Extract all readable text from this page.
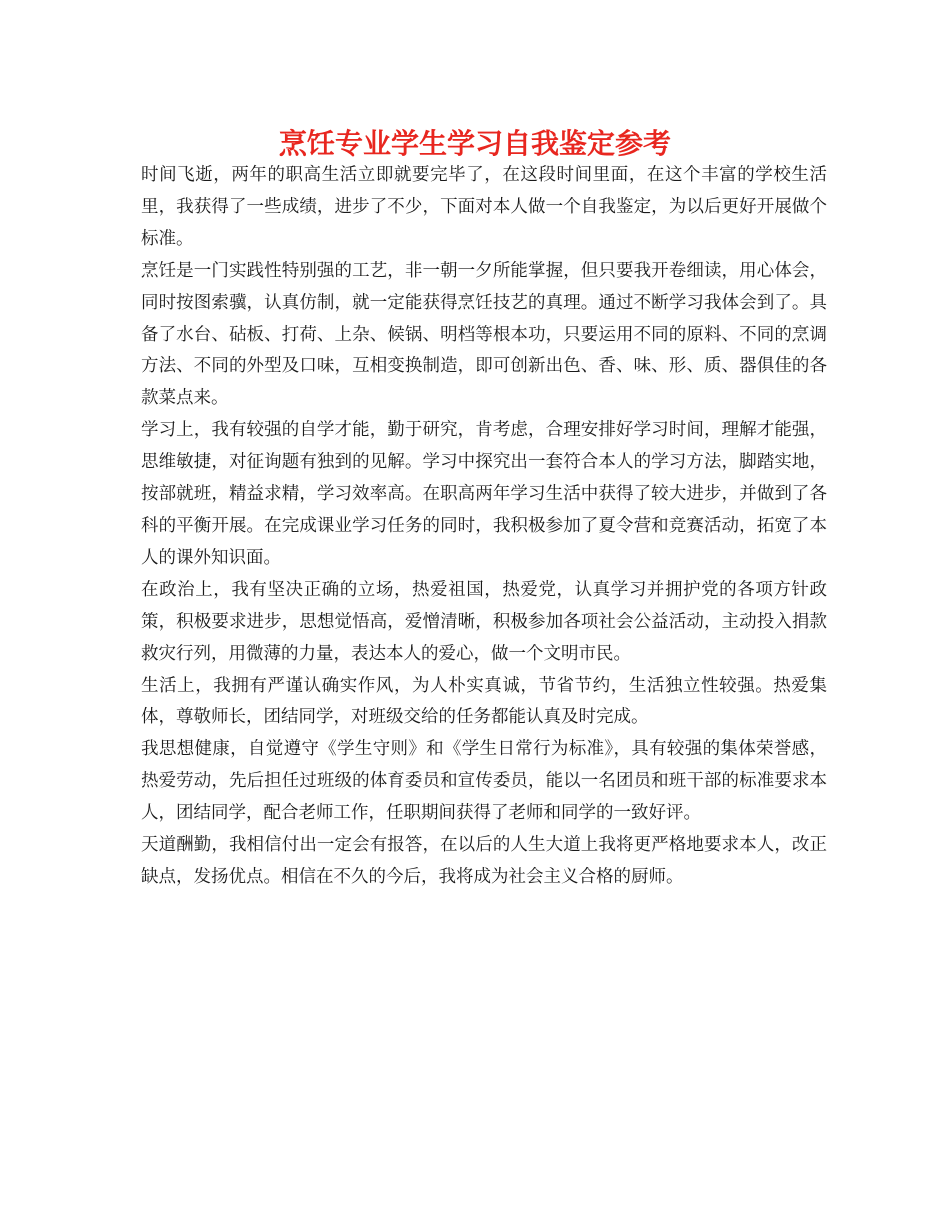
烹饪专业学生学习自我鉴定参考

时间飞逝，两年的职高生活立即就要完毕了，在这段时间里面，在这个丰富的学校生活里，我获得了一些成绩，进步了不少，下面对本人做一个自我鉴定，为以后更好开展做个标准。

烹饪是一门实践性特别强的工艺，非一朝一夕所能掌握，但只要我开卷细读，用心体会，同时按图索骥，认真仿制，就一定能获得烹饪技艺的真理。通过不断学习我体会到了。具备了水台、砧板、打荷、上杂、候锅、明档等根本功，只要运用不同的原料、不同的烹调方法、不同的外型及口味，互相变换制造，即可创新出色、香、味、形、质、器俱佳的各款菜点来。

学习上，我有较强的自学才能，勤于研究，肯考虑，合理安排好学习时间，理解才能强，思维敏捷，对征询题有独到的见解。学习中探究出一套符合本人的学习方法，脚踏实地，按部就班，精益求精，学习效率高。在职高两年学习生活中获得了较大进步，并做到了各科的平衡开展。在完成课业学习任务的同时，我积极参加了夏令营和竞赛活动，拓宽了本人的课外知识面。

在政治上，我有坚决正确的立场，热爱祖国，热爱党，认真学习并拥护党的各项方针政策，积极要求进步，思想觉悟高，爱憎清晰，积极参加各项社会公益活动，主动投入捐款救灾行列，用微薄的力量，表达本人的爱心，做一个文明市民。

生活上，我拥有严谨认确实作风，为人朴实真诚，节省节约，生活独立性较强。热爱集体，尊敬师长，团结同学，对班级交给的任务都能认真及时完成。

我思想健康，自觉遵守《学生守则》和《学生日常行为标准》，具有较强的集体荣誉感，热爱劳动，先后担任过班级的体育委员和宣传委员，能以一名团员和班干部的标准要求本人，团结同学，配合老师工作，任职期间获得了老师和同学的一致好评。

天道酬勤，我相信付出一定会有报答，在以后的人生大道上我将更严格地要求本人，改正缺点，发扬优点。相信在不久的今后，我将成为社会主义合格的厨师。
